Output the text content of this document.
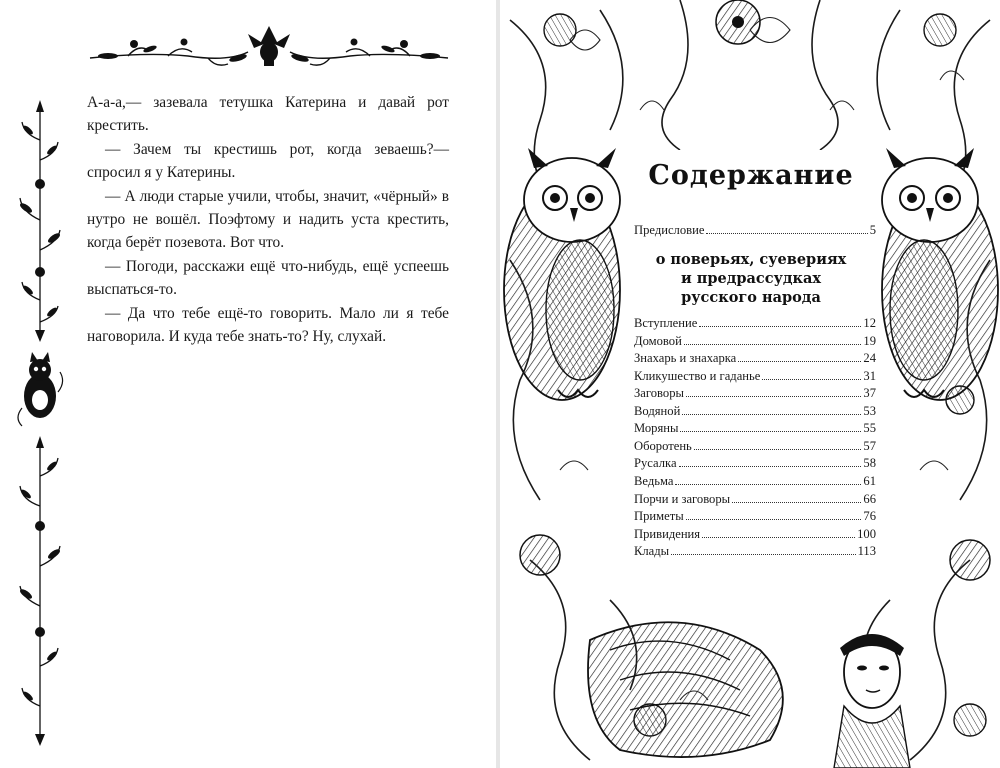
А-а-а,— зазевала тетушка Катерина и давай рот крестить.

— Зачем ты крестишь рот, когда зеваешь?— спросил я у Катерины.

— А люди старые учили, чтобы, значит, «чёрный» в нутро не вошёл. Поэфтому и надить уста крестить, когда берёт позевота. Вот что.

— Погоди, расскажи ещё что-нибудь, ещё успеешь выспаться-то.

— Да что тебе ещё-то говорить. Мало ли я тебе наговорила. И куда тебе знать-то? Ну, слухай.

Содержание
Предисловие	5
о поверьях, суевериях
и предрассудках
русского народа
Вступление	12
Домовой	19
Знахарь и знахарка	24
Кликушество и гаданье	31
Заговоры	37
Водяной	53
Моряны	55
Оборотень	57
Русалка	58
Ведьма	61
Порчи и заговоры	66
Приметы	76
Привидения	100
Клады	113
